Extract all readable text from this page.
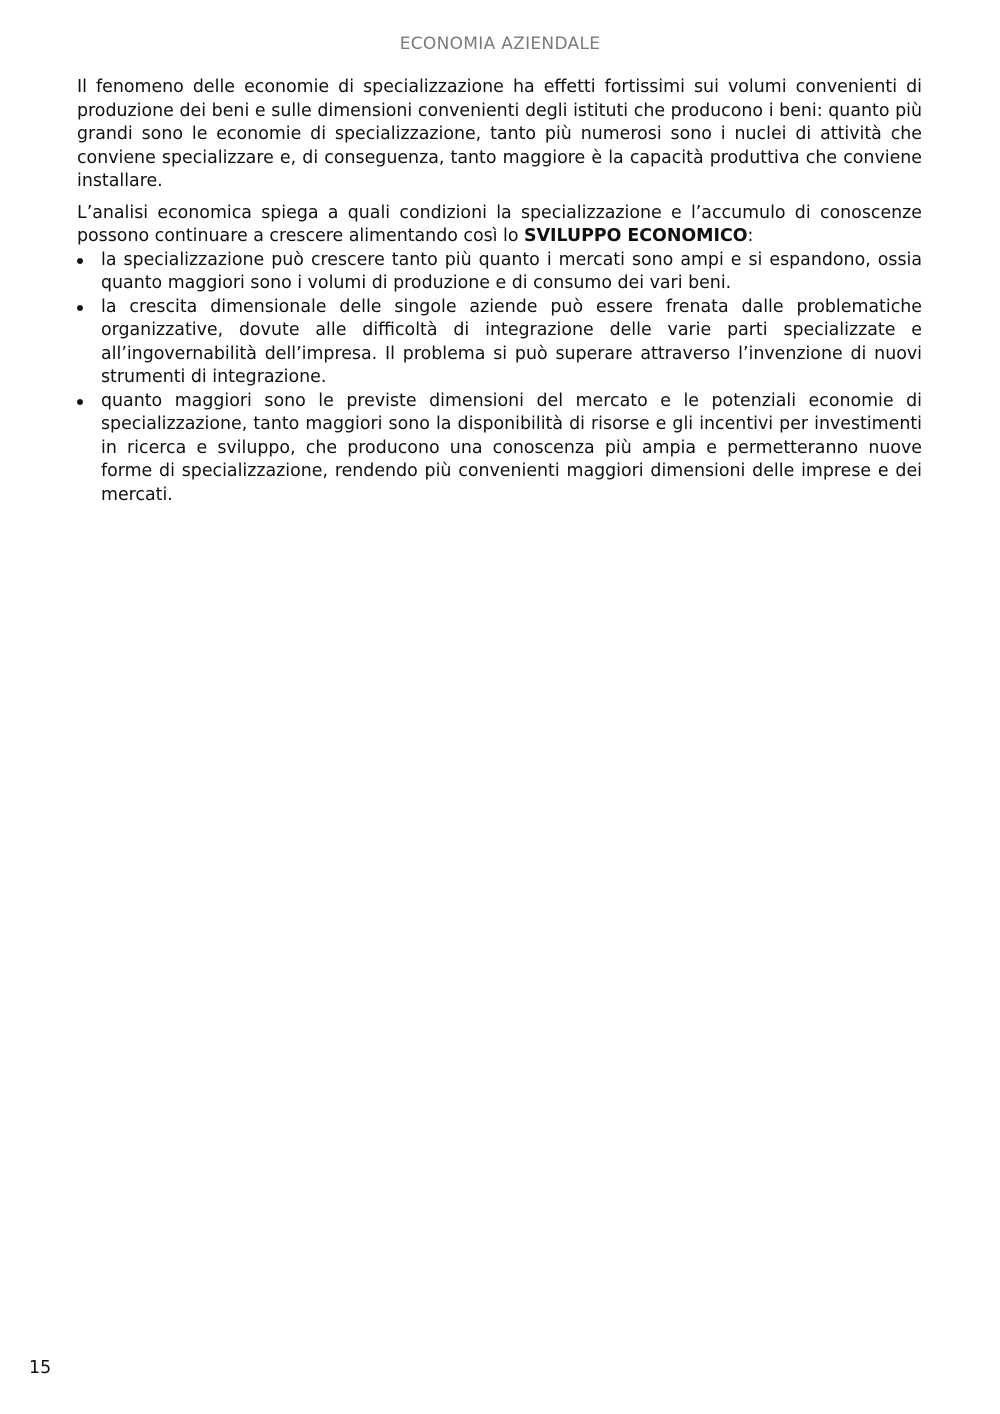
ECONOMIA AZIENDALE

Il fenomeno delle economie di specializzazione ha effetti fortissimi sui volumi convenienti di produzione dei beni e sulle dimensioni convenienti degli istituti che producono i beni: quanto più grandi sono le economie di specializzazione, tanto più numerosi sono i nuclei di attività che conviene specializzare e, di conseguenza, tanto maggiore è la capacità produttiva che conviene installare.

L’analisi economica spiega a quali condizioni la specializzazione e l’accumulo di conoscenze possono continuare a crescere alimentando così lo SVILUPPO ECONOMICO:

la specializzazione può crescere tanto più quanto i mercati sono ampi e si espandono, ossia quanto maggiori sono i volumi di produzione e di consumo dei vari beni.
la crescita dimensionale delle singole aziende può essere frenata dalle problematiche organizzative, dovute alle difficoltà di integrazione delle varie parti specializzate e all’ingovernabilità dell’impresa. Il problema si può superare attraverso l’invenzione di nuovi strumenti di integrazione.
quanto maggiori sono le previste dimensioni del mercato e le potenziali economie di specializzazione, tanto maggiori sono la disponibilità di risorse e gli incentivi per investimenti in ricerca e sviluppo, che producono una conoscenza più ampia e permetteranno nuove forme di specializzazione, rendendo più convenienti maggiori dimensioni delle imprese e dei mercati.
15
